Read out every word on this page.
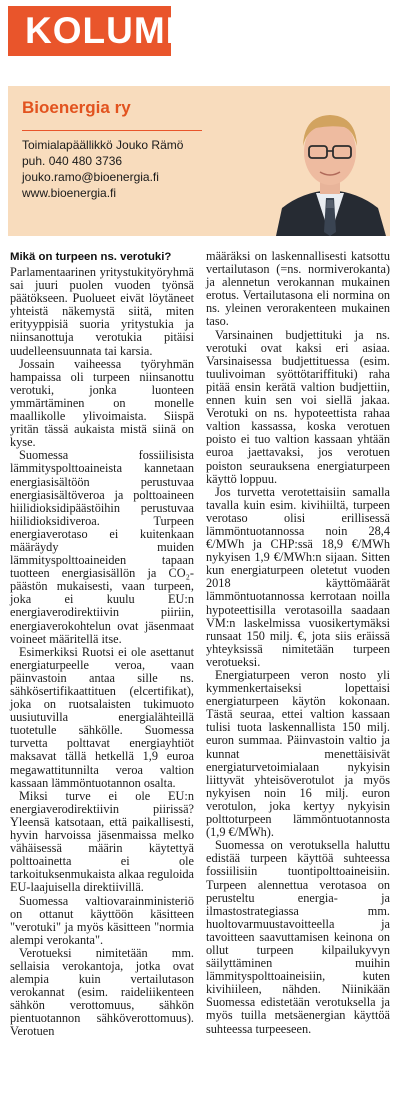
KOLUMNI
Bioenergia ry
Toimialapäällikkö Jouko Rämö
puh. 040 480 3736
jouko.ramo@bioenergia.fi
www.bioenergia.fi
Mikä on turpeen ns. verotuki?

Parlamentaarinen yritystukityöryhmä sai juuri puolen vuoden työnsä päätökseen. Puolueet eivät löytäneet yhteistä näkemystä siitä, miten erityyppisiä suoria yritystukia ja niinsanottuja verotukia pitäisi uudelleensuunnata tai karsia.

Jossain vaiheessa työryhmän hampaissa oli turpeen niinsanottu verotuki, jonka luonteen ymmärtäminen on monelle maallikolle ylivoimaista. Siispä yritän tässä aukaista mistä siinä on kyse.

Suomessa fossiilisista lämmityspolttoaineista kannetaan energiasisältöön perustuvaa energiasisältöveroa ja polttoaineen hiilidioksidipäästöihin perustuvaa hiilidioksidiveroa. Turpeen energiaverotaso ei kuitenkaan määräydy muiden lämmityspolttoaineiden tapaan tuotteen energiasisällön ja CO₂-päästön mukaisesti, vaan turpeen, joka ei kuulu EU:n energiaverodirektiivin piiriin, energiaverokohtelun ovat jäsenmaat voineet määritellä itse.

Esimerkiksi Ruotsi ei ole asettanut energiaturpeelle veroa, vaan päinvastoin antaa sille ns. sähkösertifikaattituen (elcertifikat), joka on ruotsalaisten tukimuoto uusiutuvilla energialähteillä tuotetulle sähkölle. Suomessa turvetta polttavat energiayhtiöt maksavat tällä hetkellä 1,9 euroa megawattitunnilta veroa valtion kassaan lämmöntuotannon osalta.

Miksi turve ei ole EU:n energiaverodirektiivin piirissä? Yleensä katsotaan, että paikallisesti, hyvin harvoissa jäsenmaissa melko vähäisessä määrin käytettyä polttoainetta ei ole tarkoituksenmukaista alkaa reguloida EU-laajuisella direktiivillä.

Suomessa valtiovarainministeriö on ottanut käyttöön käsitteen "verotuki" ja myös käsitteen "normia alempi verokanta".

Verotueksi nimitetään mm. sellaisia verokantoja, jotka ovat alempia kuin vertailutason verokannat (esim. raideliikenteen sähkön verottomuus, sähkön pientuotannon sähköverottomuus). Verotuen

määräksi on laskennallisesti katsottu vertailutason (=ns. normiverokanta) ja alennetun verokannan mukainen erotus. Vertailutasona eli normina on ns. yleinen verorakenteen mukainen taso.

Varsinainen budjettituki ja ns. verotuki ovat kaksi eri asiaa. Varsinaisessa budjettituessa (esim. tuulivoiman syöttötariffituki) raha pitää ensin kerätä valtion budjettiin, ennen kuin sen voi siellä jakaa. Verotuki on ns. hypoteettista rahaa valtion kassassa, koska verotuen poisto ei tuo valtion kassaan yhtään euroa jaettavaksi, jos verotuen poiston seurauksena energiaturpeen käyttö loppuu.

Jos turvetta verotettaisiin samalla tavalla kuin esim. kivihiiltä, turpeen verotaso olisi erillisessä lämmöntuotannossa noin 28,4 €/MWh ja CHP:ssä 18,9 €/MWh nykyisen 1,9 €/MWh:n sijaan. Sitten kun energiaturpeen oletetut vuoden 2018 käyttömäärät lämmöntuotannossa kerrotaan noilla hypoteettisilla verotasoilla saadaan VM:n laskelmissa vuosikertymäksi runsaat 150 milj. €, jota siis eräissä yhteyksissä nimitetään turpeen verotueksi.

Energiaturpeen veron nosto yli kymmenkertaiseksi lopettaisi energiaturpeen käytön kokonaan. Tästä seuraa, ettei valtion kassaan tulisi tuota laskennallista 150 milj. euron summaa. Päinvastoin valtio ja kunnat menettäisivät energiaturvetoimialaan nykyisin liittyvät yhteisöverotulot ja myös nykyisen noin 16 milj. euron verotulon, joka kertyy nykyisin polttoturpeen lämmöntuotannosta (1,9 €/MWh).

Suomessa on verotuksella haluttu edistää turpeen käyttöä suhteessa fossiilisiin tuontipolttoaineisiin. Turpeen alennettua verotasoa on perusteltu energia- ja ilmastostrategiassa mm. huoltovarmuustavoitteella ja tavoitteen saavuttamisen keinona on ollut turpeen kilpailukyvyn säilyttäminen muihin lämmityspolttoaineisiin, kuten kivihiileen, nähden. Niinikään Suomessa edistetään verotuksella ja myös tuilla metsäenergian käyttöä suhteessa turpeeseen.
